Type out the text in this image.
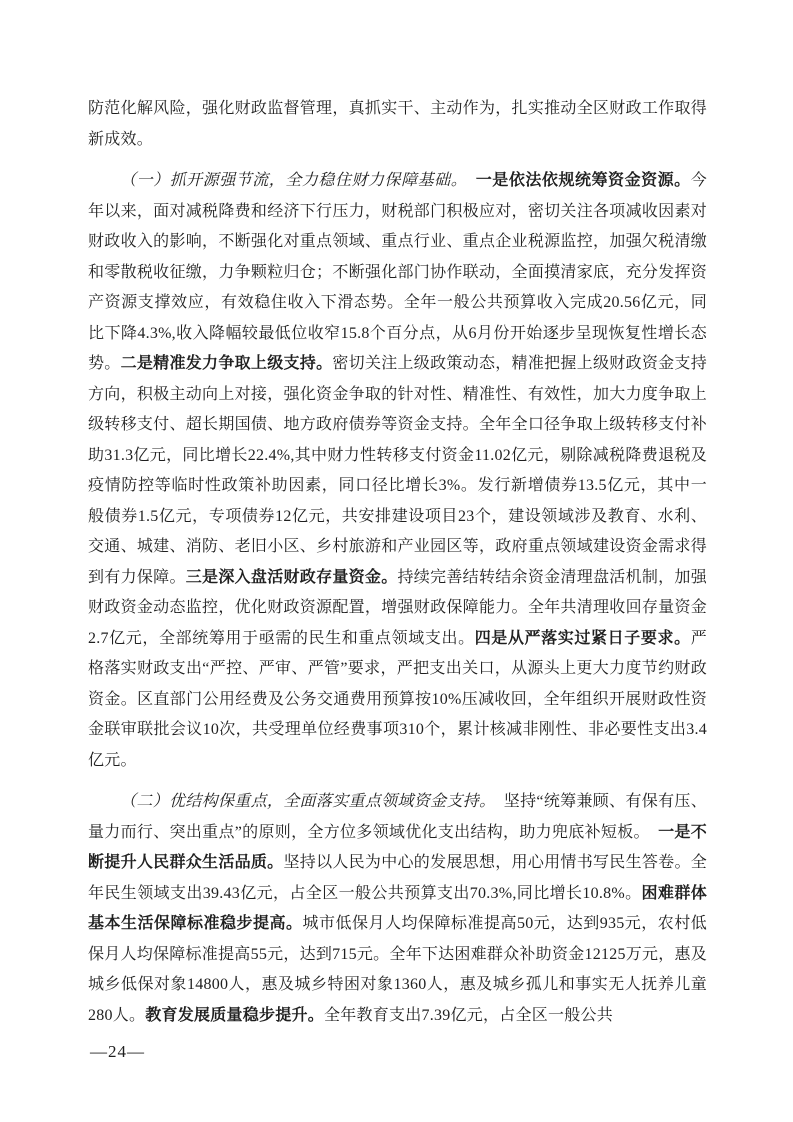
防范化解风险，强化财政监督管理，真抓实干、主动作为，扎实推动全区财政工作取得新成效。

（一）抓开源强节流，全力稳住财力保障基础。　一是依法依规统筹资金资源。今年以来，面对减税降费和经济下行压力，财税部门积极应对，密切关注各项减收因素对财政收入的影响，不断强化对重点领域、重点行业、重点企业税源监控，加强欠税清缴和零散税收征缴，力争颗粒归仓；不断强化部门协作联动，全面摸清家底，充分发挥资产资源支撑效应，有效稳住收入下滑态势。全年一般公共预算收入完成20.56亿元，同比下降4.3%,收入降幅较最低位收窄15.8个百分点，从6月份开始逐步呈现恢复性增长态势。二是精准发力争取上级支持。密切关注上级政策动态，精准把握上级财政资金支持方向，积极主动向上对接，强化资金争取的针对性、精准性、有效性，加大力度争取上级转移支付、超长期国债、地方政府债券等资金支持。全年全口径争取上级转移支付补助31.3亿元，同比增长22.4%,其中财力性转移支付资金11.02亿元，剔除减税降费退税及疫情防控等临时性政策补助因素，同口径比增长3%。发行新增债券13.5亿元，其中一般债券1.5亿元，专项债券12亿元，共安排建设项目23个，建设领域涉及教育、水利、交通、城建、消防、老旧小区、乡村旅游和产业园区等，政府重点领域建设资金需求得到有力保障。三是深入盘活财政存量资金。持续完善结转结余资金清理盘活机制，加强财政资金动态监控，优化财政资源配置，增强财政保障能力。全年共清理收回存量资金2.7亿元，全部统筹用于亟需的民生和重点领域支出。四是从严落实过紧日子要求。严格落实财政支出“严控、严审、严管”要求，严把支出关口，从源头上更大力度节约财政资金。区直部门公用经费及公务交通费用预算按10%压减收回，全年组织开展财政性资金联审联批会议10次，共受理单位经费事项310个，累计核减非刚性、非必要性支出3.4亿元。

（二）优结构保重点，全面落实重点领域资金支持。　坚持“统筹兼顾、有保有压、量力而行、突出重点”的原则，全方位多领域优化支出结构，助力兜底补短板。　一是不断提升人民群众生活品质。坚持以人民为中心的发展思想，用心用情书写民生答卷。全年民生领域支出39.43亿元，占全区一般公共预算支出70.3%,同比增长10.8%。困难群体基本生活保障标准稳步提高。城市低保月人均保障标准提高50元，达到935元，农村低保月人均保障标准提高55元，达到715元。全年下达困难群众补助资金12125万元，惠及城乡低保对象14800人，惠及城乡特困对象1360人，惠及城乡孤儿和事实无人抚养儿童280人。教育发展质量稳步提升。全年教育支出7.39亿元，占全区一般公共

—24—
